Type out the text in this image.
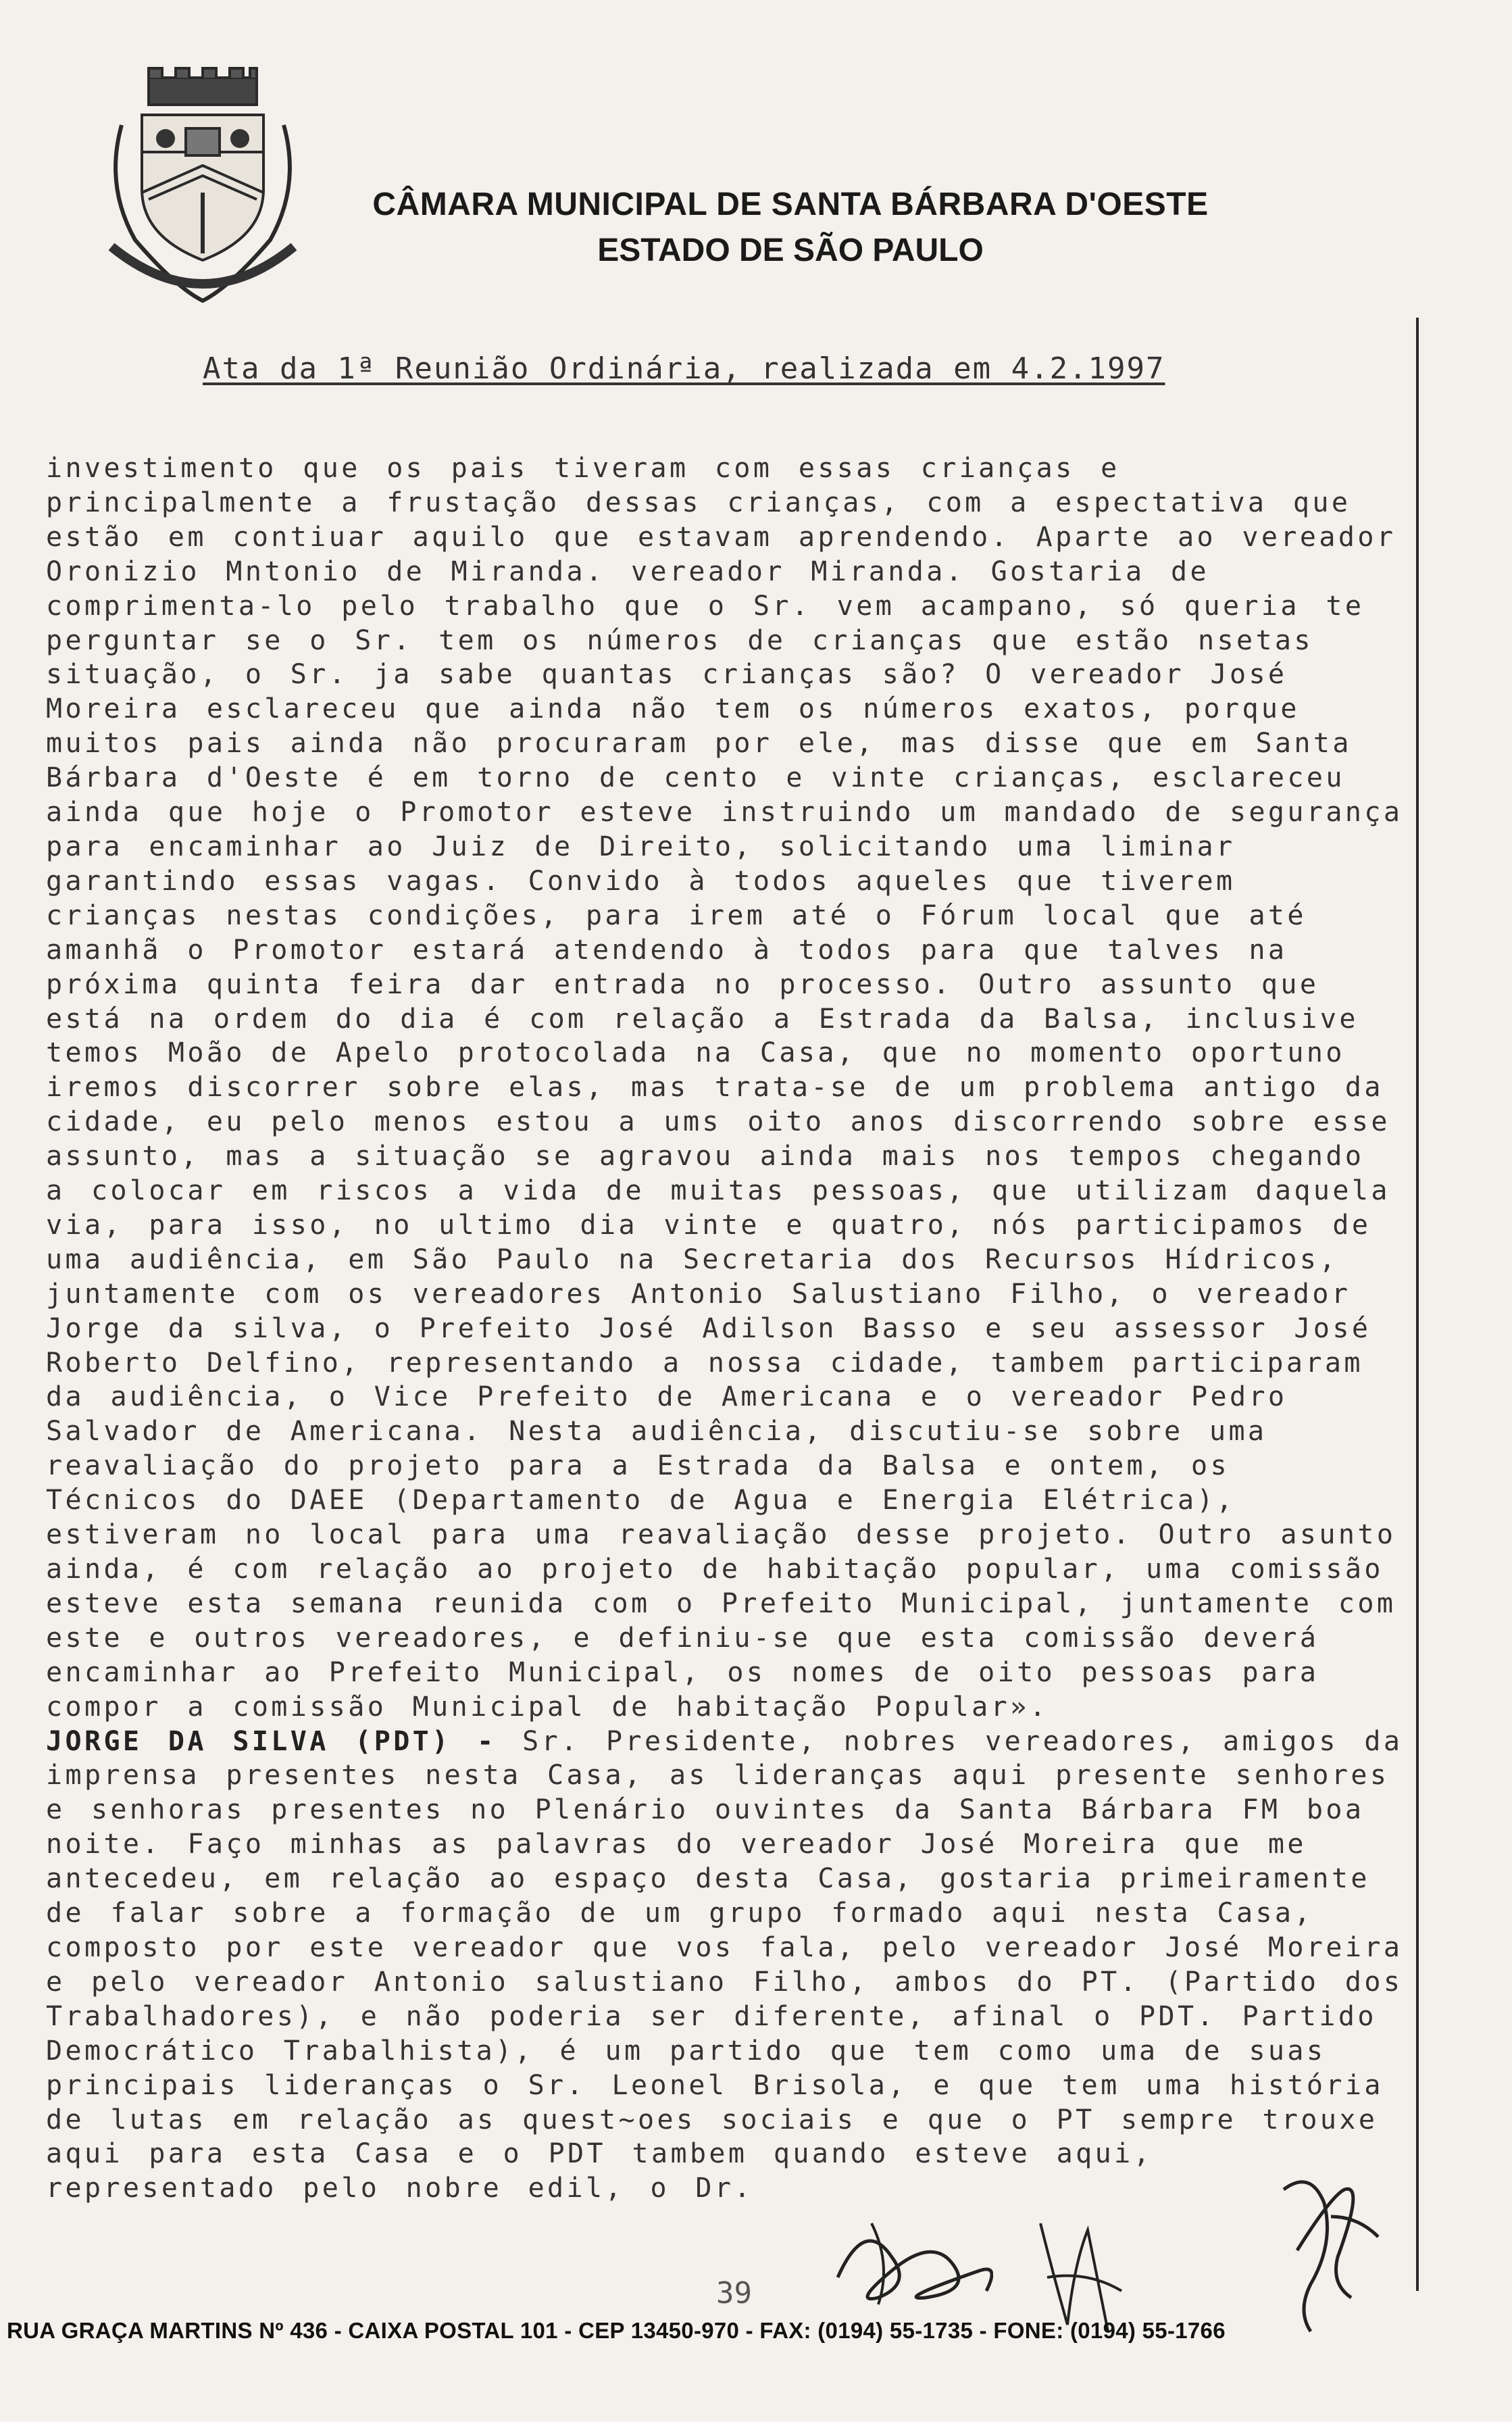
CÂMARA MUNICIPAL DE SANTA BÁRBARA D'OESTE
ESTADO DE SÃO PAULO
Ata da 1ª Reunião Ordinária, realizada em 4.2.1997
investimento que os pais tiveram com essas crianças e principalmente a frustação dessas crianças, com a espectativa que estão em contiuar aquilo que estavam aprendendo. Aparte ao vereador Oronizio Mntonio de Miranda. vereador Miranda. Gostaria de comprimenta-lo pelo trabalho que o Sr. vem acampano, só queria te perguntar se o Sr. tem os números de crianças que estão nsetas situação, o Sr. ja sabe quantas crianças são? O vereador José Moreira esclareceu que ainda não tem os números exatos, porque muitos pais ainda não procuraram por ele, mas disse que em Santa Bárbara d'Oeste é em torno de cento e vinte crianças, esclareceu ainda que hoje o Promotor esteve instruindo um mandado de segurança para encaminhar ao Juiz de Direito, solicitando uma liminar garantindo essas vagas. Convido à todos aqueles que tiverem crianças nestas condições, para irem até o Fórum local que até amanhã o Promotor estará atendendo à todos para que talves na próxima quinta feira dar entrada no processo. Outro assunto que está na ordem do dia é com relação a Estrada da Balsa, inclusive temos Moão de Apelo protocolada na Casa, que no momento oportuno iremos discorrer sobre elas, mas trata-se de um problema antigo da cidade, eu pelo menos estou a ums oito anos discorrendo sobre esse assunto, mas a situação se agravou ainda mais nos tempos chegando a colocar em riscos a vida de muitas pessoas, que utilizam daquela via, para isso, no ultimo dia vinte e quatro, nós participamos de uma audiência, em São Paulo na Secretaria dos Recursos Hídricos, juntamente com os vereadores Antonio Salustiano Filho, o vereador Jorge da silva, o Prefeito José Adilson Basso e seu assessor José Roberto Delfino, representando a nossa cidade, tambem participaram da audiência, o Vice Prefeito de Americana e o vereador Pedro Salvador de Americana. Nesta audiência, discutiu-se sobre uma reavaliação do projeto para a Estrada da Balsa e ontem, os Técnicos do DAEE (Departamento de Agua e Energia Elétrica), estiveram no local para uma reavaliação desse projeto. Outro asunto ainda, é com relação ao projeto de habitação popular, uma comissão esteve esta semana reunida com o Prefeito Municipal, juntamente com este e outros vereadores, e definiu-se que esta comissão deverá encaminhar ao Prefeito Municipal, os nomes de oito pessoas para compor a comissão Municipal de habitação Popular».
JORGE DA SILVA (PDT) - Sr. Presidente, nobres vereadores, amigos da imprensa presentes nesta Casa, as lideranças aqui presente senhores e senhoras presentes no Plenário ouvintes da Santa Bárbara FM boa noite. Faço minhas as palavras do vereador José Moreira que me antecedeu, em relação ao espaço desta Casa, gostaria primeiramente de falar sobre a formação de um grupo formado aqui nesta Casa, composto por este vereador que vos fala, pelo vereador José Moreira e pelo vereador Antonio salustiano Filho, ambos do PT. (Partido dos Trabalhadores), e não poderia ser diferente, afinal o PDT. Partido Democrático Trabalhista), é um partido que tem como uma de suas principais lideranças o Sr. Leonel Brisola, e que tem uma história de lutas em relação as quest~oes sociais e que o PT sempre trouxe aqui para esta Casa e o PDT tambem quando esteve aqui, representado pelo nobre edil, o Dr.
39
RUA GRAÇA MARTINS Nº 436 - CAIXA POSTAL 101 - CEP 13450-970 - FAX: (0194) 55-1735 - FONE: (0194) 55-1766
